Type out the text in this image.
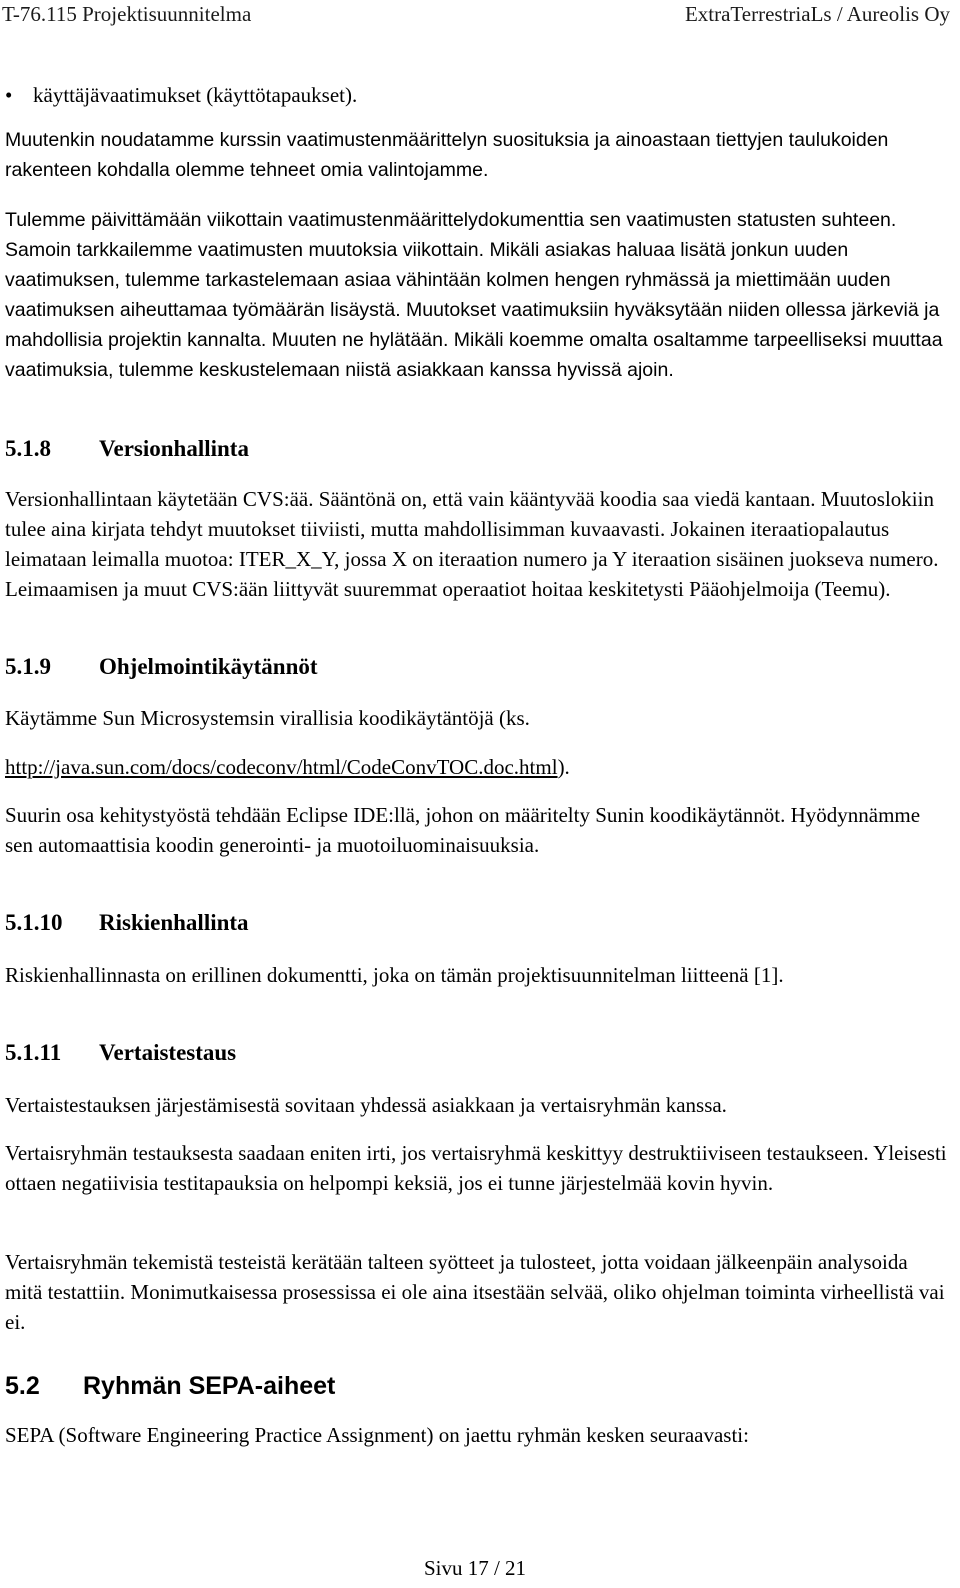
T-76.115 Projektisuunnitelma	ExtraTerrestriaLs / Aureolis Oy
• käyttäjävaatimukset (käyttötapaukset).
Muutenkin noudatamme kurssin vaatimustenmäärittelyn suosituksia ja ainoastaan tiettyjen taulukoiden rakenteen kohdalla olemme tehneet omia valintojamme.
Tulemme päivittämään viikottain vaatimustenmäärittelydokumenttia sen vaatimusten statusten suhteen. Samoin tarkkailemme vaatimusten muutoksia viikottain. Mikäli asiakas haluaa lisätä jonkun uuden vaatimuksen, tulemme tarkastelemaan asiaa vähintään kolmen hengen ryhmässä ja miettimään uuden vaatimuksen aiheuttamaa työmäärän lisäystä. Muutokset vaatimuksiin hyväksytään niiden ollessa järkeviä ja mahdollisia projektin kannalta. Muuten ne hylätään. Mikäli koemme omalta osaltamme tarpeelliseksi muuttaa vaatimuksia, tulemme keskustelemaan niistä asiakkaan kanssa hyvissä ajoin.
5.1.8 Versionhallinta
Versionhallintaan käytetään CVS:ää. Sääntönä on, että vain kääntyvää koodia saa viedä kantaan. Muutoslokiin tulee aina kirjata tehdyt muutokset tiiviisti, mutta mahdollisimman kuvaavasti. Jokainen iteraatiopalautus leimataan leimalla muotoa: ITER_X_Y, jossa X on iteraation numero ja Y iteraation sisäinen juokseva numero. Leimaamisen ja muut CVS:ään liittyvät suuremmat operaatiot hoitaa keskitetysti Pääohjelmoija (Teemu).
5.1.9 Ohjelmointikäytännöt
Käytämme Sun Microsystemsin virallisia koodikäytäntöjä (ks.
http://java.sun.com/docs/codeconv/html/CodeConvTOC.doc.html).
Suurin osa kehitystyöstä tehdään Eclipse IDE:llä, johon on määritelty Sunin koodikäytännöt. Hyödynnämme sen automaattisia koodin generointi- ja muotoiluominaisuuksia.
5.1.10 Riskienhallinta
Riskienhallinnasta on erillinen dokumentti, joka on tämän projektisuunnitelman liitteenä [1].
5.1.11 Vertaistestaus
Vertaistestauksen järjestämisestä sovitaan yhdessä asiakkaan ja vertaisryhmän kanssa.
Vertaisryhmän testauksesta saadaan eniten irti, jos vertaisryhmä keskittyy destruktiiviseen testaukseen. Yleisesti ottaen negatiivisia testitapauksia on helpompi keksiä, jos ei tunne järjestelmää kovin hyvin.
Vertaisryhmän tekemistä testeistä kerätään talteen syötteet ja tulosteet, jotta voidaan jälkeenpäin analysoida mitä testattiin. Monimutkaisessa prosessissa ei ole aina itsestään selvää, oliko ohjelman toiminta virheellistä vai ei.
5.2 Ryhmän SEPA-aiheet
SEPA (Software Engineering Practice Assignment) on jaettu ryhmän kesken seuraavasti:
Sivu 17 / 21
